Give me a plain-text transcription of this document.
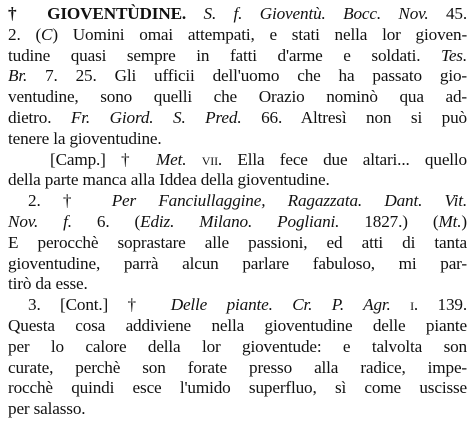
† GIOVENTÙDINE. S. f. Gioventù. Bocc. Nov. 45.
2. (C) Uomini omai attempati, e stati nella lor gioven-
tudine quasi sempre in fatti d'arme e soldati. Tes.
Br. 7. 25. Gli ufficii dell'uomo che ha passato gio-
ventudine, sono quelli che Orazio nominò qua ad-
dietro. Fr. Giord. S. Pred. 66. Altresì non si può
tenere la gioventudine.
[Camp.] † Met. vii. Ella fece due altari... quello
della parte manca alla Iddea della gioventudine.
2. † Per Fanciullaggine, Ragazzata. Dant. Vit.
Nov. f. 6. (Ediz. Milano. Pogliani. 1827.) (Mt.)
E perocchè soprastare alle passioni, ed atti di tanta
gioventudine, parrà alcun parlare fabuloso, mi par-
tirò da esse.
3. [Cont.] † Delle piante. Cr. P. Agr. i. 139.
Questa cosa addiviene nella gioventudine delle piante
per lo calore della lor gioventude: e talvolta son
curate, perchè son forate presso alla radice, impe-
rocchè quindi esce l'umido superfluo, sì come uscisse
per salasso.
